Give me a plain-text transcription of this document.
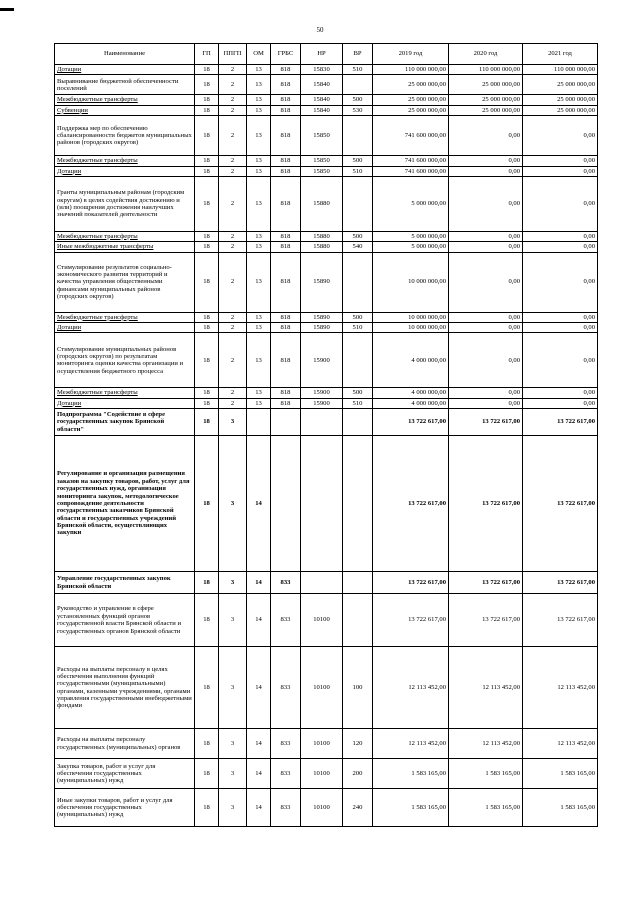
50
Наименование	ГП	ППГП	ОМ	ГРБС	НР	ВР	2019 год	2020 год	2021 год
Дотации	18	2	13	818	15830	510	110 000 000,00	110 000 000,00	110 000 000,00
Выравнивание бюджетной обеспеченности поселений	18	2	13	818	15840		25 000 000,00	25 000 000,00	25 000 000,00
Межбюджетные трансферты	18	2	13	818	15840	500	25 000 000,00	25 000 000,00	25 000 000,00
Субвенции	18	2	13	818	15840	530	25 000 000,00	25 000 000,00	25 000 000,00
Поддержка мер по обеспечению сбалансированности бюджетов муниципальных районов (городских округов)	18	2	13	818	15850		741 600 000,00	0,00	0,00
Межбюджетные трансферты	18	2	13	818	15850	500	741 600 000,00	0,00	0,00
Дотации	18	2	13	818	15850	510	741 600 000,00	0,00	0,00
Гранты муниципальным районам (городским округам) в целях содействия достижению и (или) поощрения достижения наилучших значений показателей деятельности	18	2	13	818	15880		5 000 000,00	0,00	0,00
Межбюджетные трансферты	18	2	13	818	15880	500	5 000 000,00	0,00	0,00
Иные межбюджетные трансферты	18	2	13	818	15880	540	5 000 000,00	0,00	0,00
Стимулирование результатов социально-экономического развития территорий и качества управления общественными финансами муниципальных районов (городских округов)	18	2	13	818	15890		10 000 000,00	0,00	0,00
Межбюджетные трансферты	18	2	13	818	15890	500	10 000 000,00	0,00	0,00
Дотации	18	2	13	818	15890	510	10 000 000,00	0,00	0,00
Стимулирование муниципальных районов (городских округов) по результатам мониторинга оценки качества организации и осуществления бюджетного процесса	18	2	13	818	15900		4 000 000,00	0,00	0,00
Межбюджетные трансферты	18	2	13	818	15900	500	4 000 000,00	0,00	0,00
Дотации	18	2	13	818	15900	510	4 000 000,00	0,00	0,00
Подпрограмма "Содействие в сфере государственных закупок Брянской области"	18	3					13 722 617,00	13 722 617,00	13 722 617,00
Регулирование и организация размещения заказов на закупку товаров, работ, услуг для государственных нужд, организация мониторинга закупок, методологическое сопровождение деятельности государственных заказчиков Брянской области и государственных учреждений Брянской области, осуществляющих закупки	18	3	14				13 722 617,00	13 722 617,00	13 722 617,00
Управление государственных закупок Брянской области	18	3	14	833			13 722 617,00	13 722 617,00	13 722 617,00
Руководство и управление в сфере установленных функций органов государственной власти Брянской области и государственных органов Брянской области	18	3	14	833	10100		13 722 617,00	13 722 617,00	13 722 617,00
Расходы на выплаты персоналу в целях обеспечения выполнения функций государственными (муниципальными) органами, казенными учреждениями, органами управления государственными внебюджетными фондами	18	3	14	833	10100	100	12 113 452,00	12 113 452,00	12 113 452,00
Расходы на выплаты персоналу государственных (муниципальных) органов	18	3	14	833	10100	120	12 113 452,00	12 113 452,00	12 113 452,00
Закупка товаров, работ и услуг для обеспечения государственных (муниципальных) нужд	18	3	14	833	10100	200	1 583 165,00	1 583 165,00	1 583 165,00
Иные закупки товаров, работ и услуг для обеспечения государственных (муниципальных) нужд	18	3	14	833	10100	240	1 583 165,00	1 583 165,00	1 583 165,00
